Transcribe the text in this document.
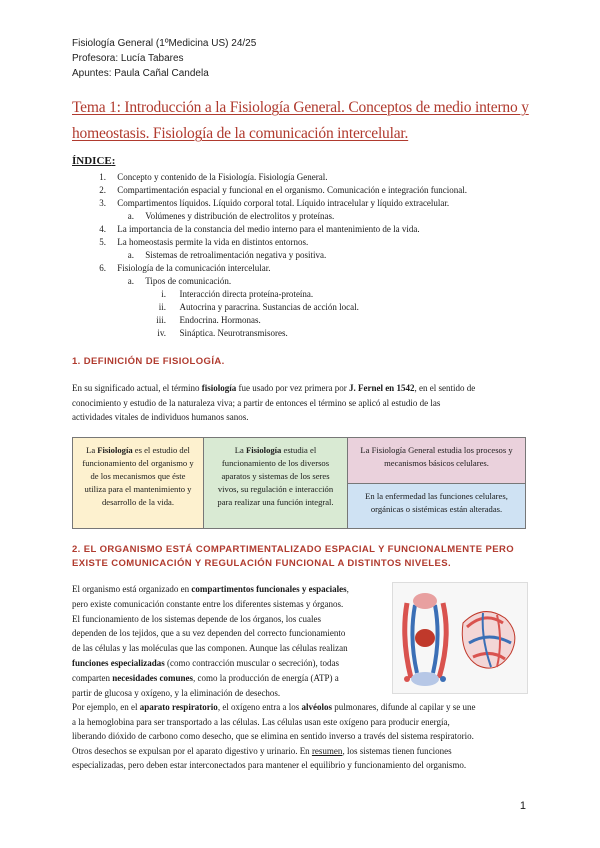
Fisiología General (1ºMedicina US) 24/25
Profesora: Lucía Tabares
Apuntes: Paula Cañal Candela
Tema 1: Introducción a la Fisiología General. Conceptos de medio interno y
homeostasis. Fisiología de la comunicación intercelular.
ÍNDICE:
1. Concepto y contenido de la Fisiología. Fisiología General.
2. Compartimentación espacial y funcional en el organismo. Comunicación e integración funcional.
3. Compartimentos líquidos. Líquido corporal total. Líquido intracelular y líquido extracelular.
a. Volúmenes y distribución de electrolitos y proteínas.
4. La importancia de la constancia del medio interno para el mantenimiento de la vida.
5. La homeostasis permite la vida en distintos entornos.
a. Sistemas de retroalimentación negativa y positiva.
6. Fisiología de la comunicación intercelular.
a. Tipos de comunicación.
i. Interacción directa proteína-proteína.
ii. Autocrina y paracrina. Sustancias de acción local.
iii. Endocrina. Hormonas.
iv. Sináptica. Neurotransmisores.
1. DEFINICIÓN DE FISIOLOGÍA.
En su significado actual, el término fisiología fue usado por vez primera por J. Fernel en 1542, en el sentido de
conocimiento y estudio de la naturaleza viva; a partir de entonces el término se aplicó al estudio de las
actividades vitales de individuos humanos sanos.
La Fisiología es el estudio del funcionamiento del organismo y de los mecanismos que éste utiliza para el mantenimiento y desarrollo de la vida.
La Fisiología estudia el funcionamiento de los diversos aparatos y sistemas de los seres vivos, su regulación e interacción para realizar una función integral.
La Fisiología General estudia los procesos y mecanismos básicos celulares.
En la enfermedad las funciones celulares, orgánicas o sistémicas están alteradas.
2. EL ORGANISMO ESTÁ COMPARTIMENTALIZADO ESPACIAL Y FUNCIONALMENTE PERO
EXISTE COMUNICACIÓN Y REGULACIÓN FUNCIONAL A DISTINTOS NIVELES.
El organismo está organizado en compartimentos funcionales y espaciales,
pero existe comunicación constante entre los diferentes sistemas y órganos.
El funcionamiento de los sistemas depende de los órganos, los cuales
dependen de los tejidos, que a su vez dependen del correcto funcionamiento
de las células y las moléculas que las componen. Aunque las células realizan
funciones especializadas (como contracción muscular o secreción), todas
comparten necesidades comunes, como la producción de energía (ATP) a
partir de glucosa y oxígeno, y la eliminación de desechos.
Por ejemplo, en el aparato respiratorio, el oxígeno entra a los alvéolos pulmonares, difunde al capilar y se une
a la hemoglobina para ser transportado a las células. Las células usan este oxígeno para producir energía,
liberando dióxido de carbono como desecho, que se elimina en sentido inverso a través del sistema respiratorio.
Otros desechos se expulsan por el aparato digestivo y urinario. En resumen, los sistemas tienen funciones
especializadas, pero deben estar interconectados para mantener el equilibrio y funcionamiento del organismo.
1
